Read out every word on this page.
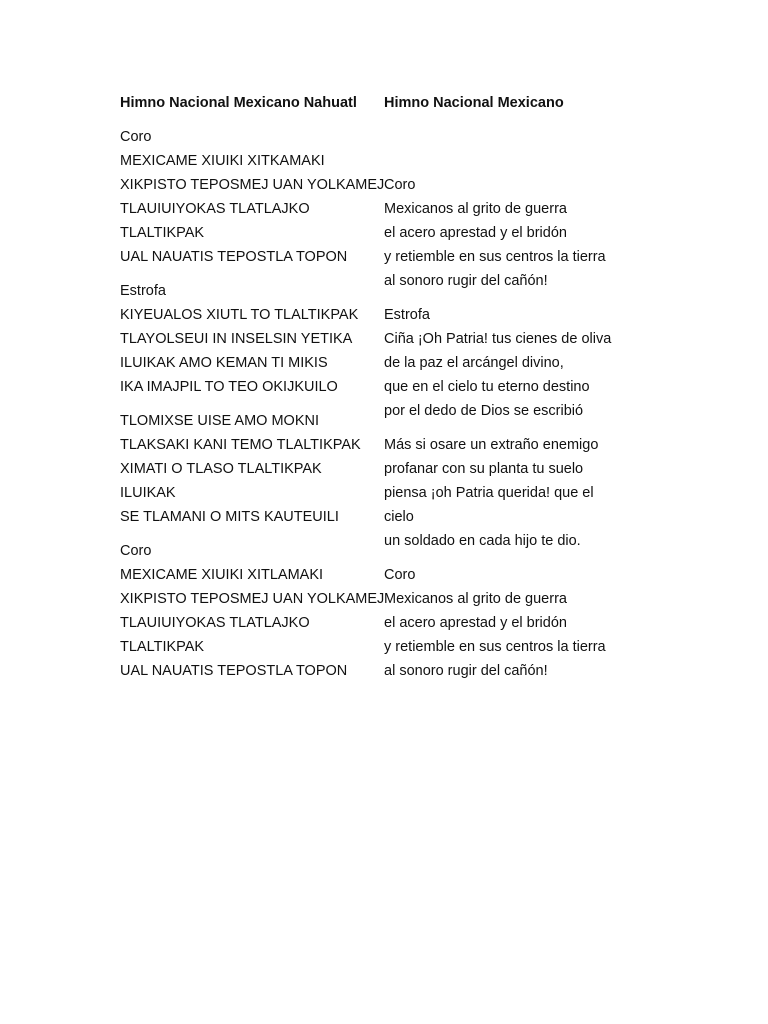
Himno Nacional Mexicano Nahuatl Himno Nacional Mexicano
Coro
MEXICAME XIUIKI XITKAMAKI
XIKPISTO TEPOSMEJ UAN YOLKAMEJ
TLAUIUIYOKAS TLATLAJKO
TLALTIKPAK
UAL NAUATIS TEPOSTLA TOPON
Estrofa
KIYEUALOS XIUTL TO TLALTIKPAK
TLAYOLSEUI IN INSELSIN YETIKA
ILUIKAK AMO KEMAN TI MIKIS
IKA IMAJPIL TO TEO OKIJKUILO
TLOMIXSE UISE AMO MOKNI
TLAKSAKI KANI TEMO TLALTIKPAK
XIMATI O TLASO TLALTIKPAK
ILUIKAK
SE TLAMANI O MITS KAUTEUILI
Coro
MEXICAME XIUIKI XITLAMAKI
XIKPISTO TEPOSMEJ UAN YOLKAMEJ
TLAUIUIYOKAS TLATLAJKO
TLALTIKPAK
UAL NAUATIS TEPOSTLA TOPON
Coro
Mexicanos al grito de guerra
el acero aprestad y el bridón
y retiemble en sus centros la tierra
al sonoro rugir del cañón!
Estrofa
Ciña ¡Oh Patria! tus cienes de oliva
de la paz el arcángel divino,
que en el cielo tu eterno destino
por el dedo de Dios se escribió
Más si osare un extraño enemigo
profanar con su planta tu suelo
piensa ¡oh Patria querida! que el
cielo
un soldado en cada hijo te dio.
Coro
Mexicanos al grito de guerra
el acero aprestad y el bridón
y retiemble en sus centros la tierra
al sonoro rugir del cañón!
